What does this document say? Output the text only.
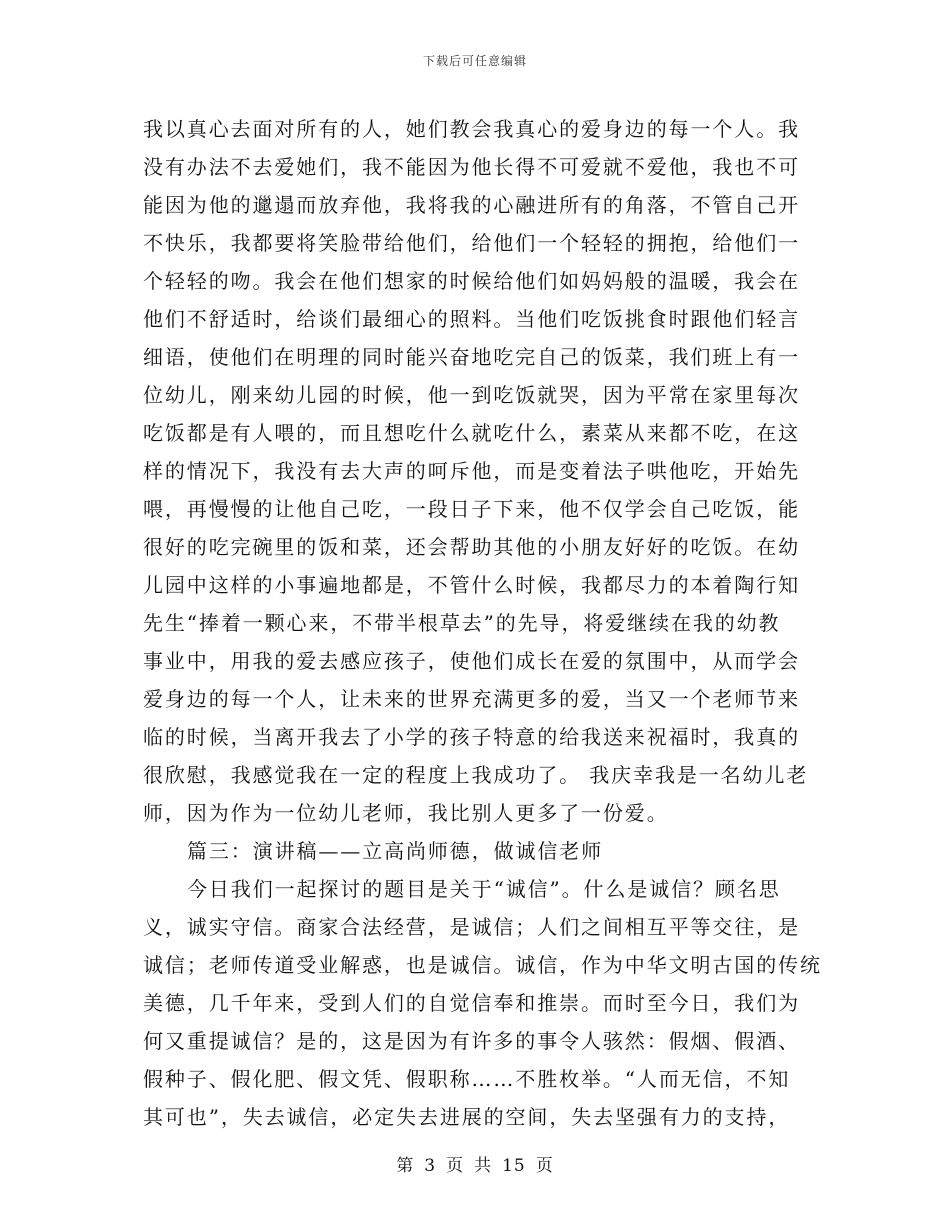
下载后可任意编辑
我以真心去面对所有的人，她们教会我真心的爱身边的每一个人。我
没有办法不去爱她们，我不能因为他长得不可爱就不爱他，我也不可
能因为他的邋遢而放弃他，我将我的心融进所有的角落，不管自己开
不快乐，我都要将笑脸带给他们，给他们一个轻轻的拥抱，给他们一
个轻轻的吻。我会在他们想家的时候给他们如妈妈般的温暖，我会在
他们不舒适时，给谈们最细心的照料。当他们吃饭挑食时跟他们轻言
细语，使他们在明理的同时能兴奋地吃完自己的饭菜，我们班上有一
位幼儿，刚来幼儿园的时候，他一到吃饭就哭，因为平常在家里每次
吃饭都是有人喂的，而且想吃什么就吃什么，素菜从来都不吃，在这
样的情况下，我没有去大声的呵斥他，而是变着法子哄他吃，开始先
喂，再慢慢的让他自己吃，一段日子下来，他不仅学会自己吃饭，能
很好的吃完碗里的饭和菜，还会帮助其他的小朋友好好的吃饭。在幼
儿园中这样的小事遍地都是，不管什么时候，我都尽力的本着陶行知
先生“捧着一颗心来，不带半根草去”的先导，将爱继续在我的幼教
事业中，用我的爱去感应孩子，使他们成长在爱的氛围中，从而学会
爱身边的每一个人，让未来的世界充满更多的爱，当又一个老师节来
临的时候，当离开我去了小学的孩子特意的给我送来祝福时，我真的
很欣慰，我感觉我在一定的程度上我成功了。 我庆幸我是一名幼儿老
师，因为作为一位幼儿老师，我比别人更多了一份爱。
篇三：演讲稿——立高尚师德，做诚信老师
今日我们一起探讨的题目是关于“诚信”。什么是诚信？顾名思
义，诚实守信。商家合法经营，是诚信；人们之间相互平等交往，是
诚信；老师传道受业解惑，也是诚信。诚信，作为中华文明古国的传统
美德，几千年来，受到人们的自觉信奉和推崇。而时至今日，我们为
何又重提诚信？是的，这是因为有许多的事令人骇然：假烟、假酒、
假种子、假化肥、假文凭、假职称……不胜枚举。“人而无信，不知
其可也”，失去诚信，必定失去进展的空间，失去坚强有力的支持，
第 3 页 共 15 页
